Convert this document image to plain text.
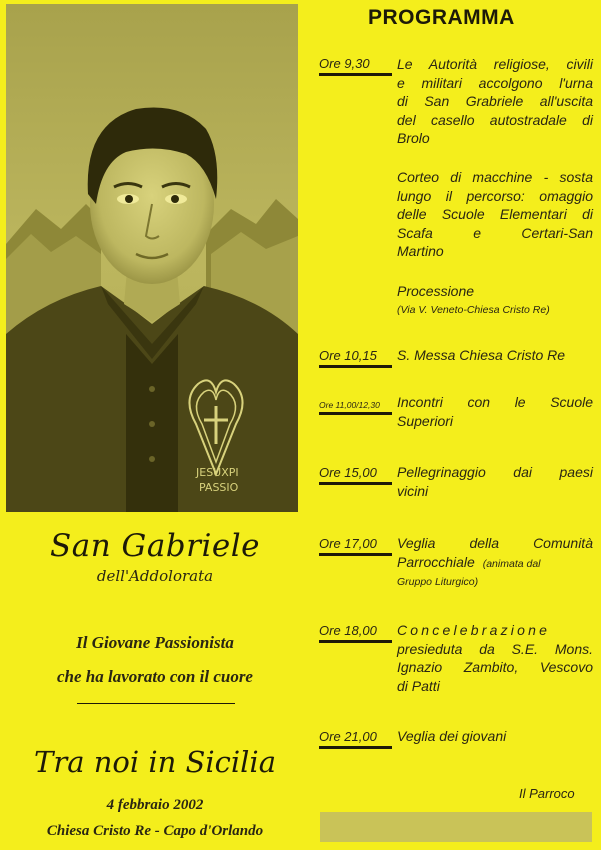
JESUXPI
PASSIO
San Gabriele
dell'Addolorata
Il Giovane Passionista
che ha lavorato con il cuore
Tra noi in Sicilia
4 febbraio 2002
Chiesa Cristo Re - Capo d'Orlando
PROGRAMMA
Ore 9,30	Le Autorità religiose, civili
e militari accolgono l'urna
di San Grabriele all'uscita
del casello autostradale di
Brolo
Corteo di macchine - sosta
lungo il percorso: omaggio
delle Scuole Elementari di
Scafa e Certari-San
Martino
Processione
(Via V. Veneto-Chiesa Cristo Re)
Ore 10,15	S. Messa Chiesa Cristo Re
Ore 11,00/12,30	Incontri con le Scuole
Superiori
Ore 15,00	Pellegrinaggio dai paesi
vicini
Ore 17,00	Veglia della Comunità
Parrocchiale (animata dal
Gruppo Liturgico)
Ore 18,00	Concelebrazione
presieduta da S.E. Mons.
Ignazio Zambito, Vescovo
di Patti
Ore 21,00	Veglia dei giovani
Il Parroco
